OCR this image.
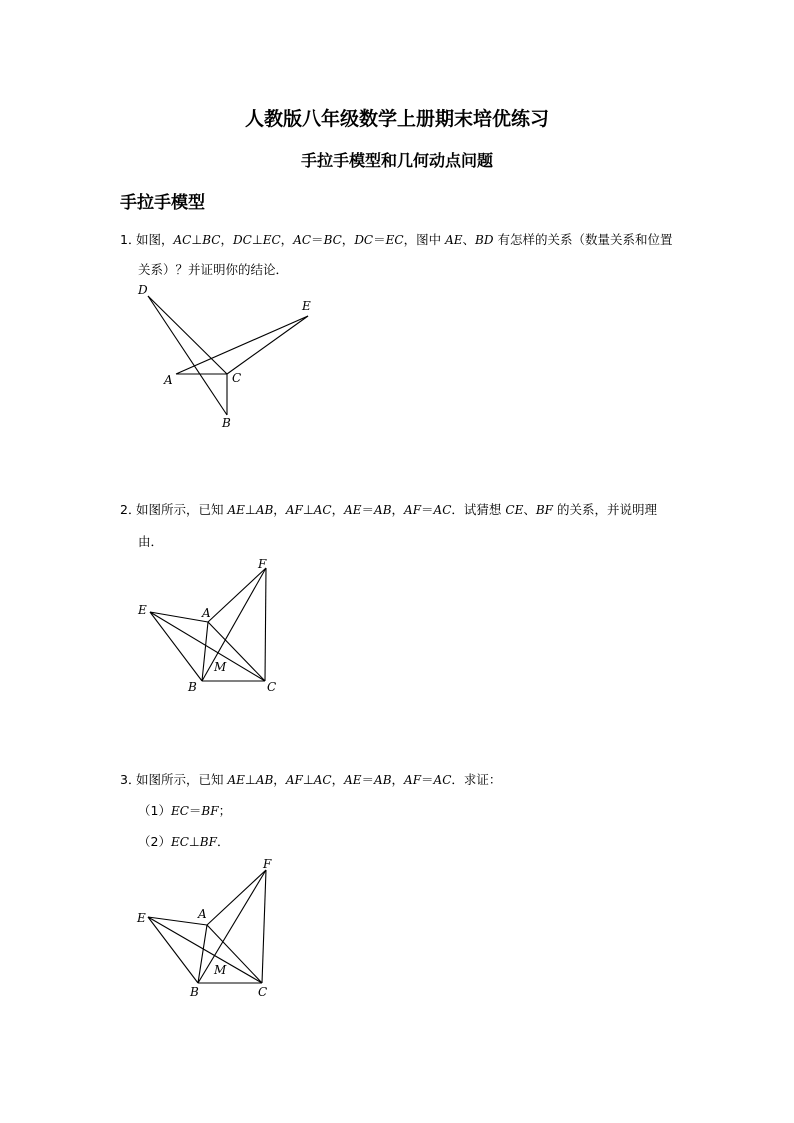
人教版八年级数学上册期末培优练习
手拉手模型和几何动点问题
手拉手模型
1．如图，AC⊥BC，DC⊥EC，AC＝BC，DC＝EC，图中 AE、BD 有怎样的关系（数量关系和位置
关系）？并证明你的结论．
D
E
A	C
B
2．如图所示，已知 AE⊥AB，AF⊥AC，AE＝AB，AF＝AC．试猜想 CE、BF 的关系，并说明理
由．
F
E	A
M
B	C
3．如图所示，已知 AE⊥AB，AF⊥AC，AE＝AB，AF＝AC．求证：
（1）EC＝BF；
（2）EC⊥BF．
F
E	A
M
B	C
